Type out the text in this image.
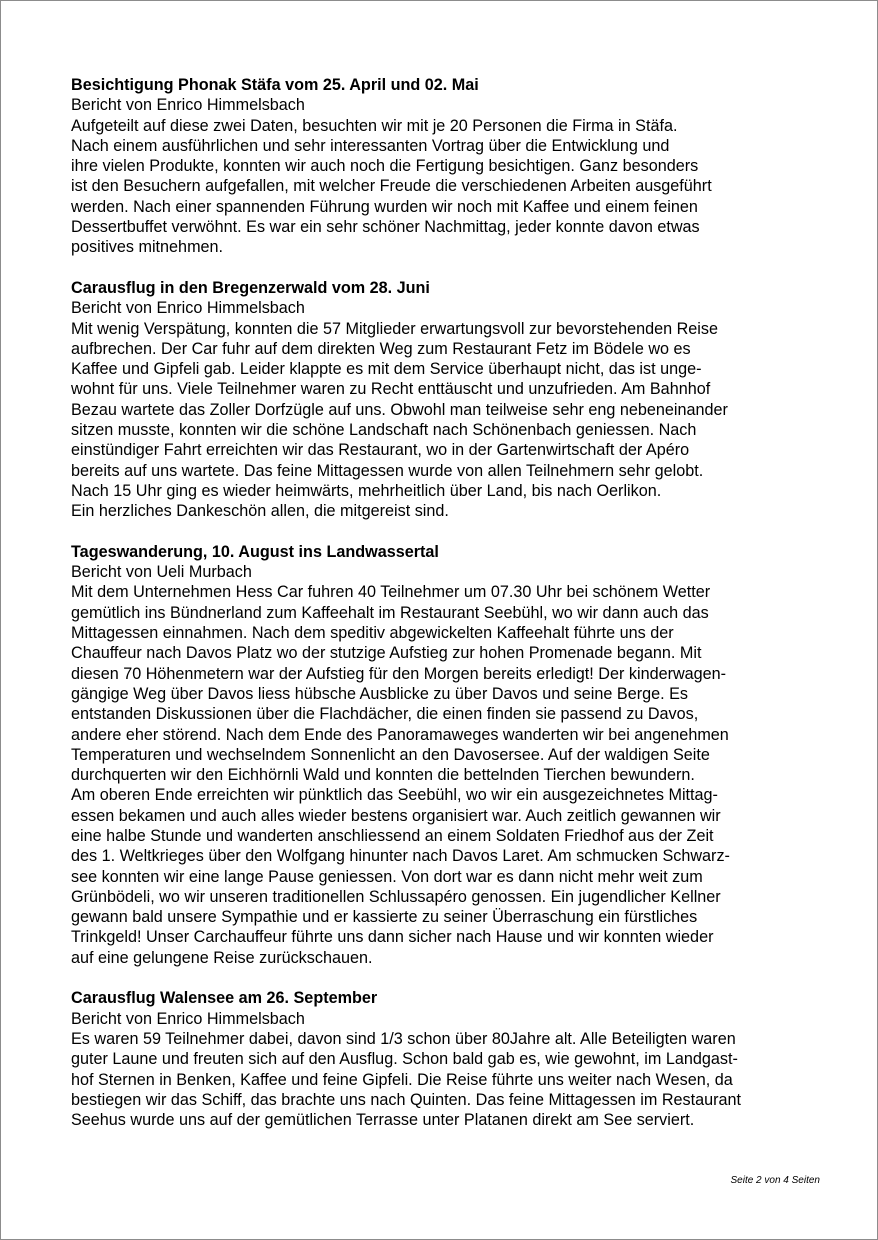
Besichtigung Phonak Stäfa vom 25. April und 02. Mai

Bericht von Enrico Himmelsbach

Aufgeteilt auf diese zwei Daten, besuchten wir mit je 20 Personen die Firma in Stäfa.

Nach einem ausführlichen und sehr interessanten Vortrag über die Entwicklung und

ihre vielen Produkte, konnten wir auch noch die Fertigung besichtigen. Ganz besonders

ist den Besuchern aufgefallen, mit welcher Freude die verschiedenen Arbeiten ausgeführt

werden. Nach einer spannenden Führung wurden wir noch mit Kaffee und einem feinen

Dessertbuffet verwöhnt. Es war ein sehr schöner Nachmittag, jeder konnte davon etwas

positives mitnehmen.

Carausflug in den Bregenzerwald vom 28. Juni

Bericht von Enrico Himmelsbach

Mit wenig Verspätung, konnten die 57 Mitglieder erwartungsvoll zur bevorstehenden Reise

aufbrechen. Der Car fuhr auf dem direkten Weg zum Restaurant Fetz im Bödele wo es

Kaffee und Gipfeli gab. Leider klappte es mit dem Service überhaupt nicht, das ist unge-

wohnt für uns. Viele Teilnehmer waren zu Recht enttäuscht und unzufrieden. Am Bahnhof

Bezau wartete das Zoller Dorfzügle auf uns. Obwohl man teilweise sehr eng nebeneinander

sitzen musste, konnten wir die schöne Landschaft nach Schönenbach geniessen. Nach

einstündiger Fahrt erreichten wir das Restaurant, wo in der Gartenwirtschaft der Apéro

bereits auf uns wartete. Das feine Mittagessen wurde von allen Teilnehmern sehr gelobt.

Nach 15 Uhr ging es wieder heimwärts, mehrheitlich über Land, bis nach Oerlikon.

Ein herzliches Dankeschön allen, die mitgereist sind.

Tageswanderung, 10. August ins Landwassertal

Bericht von Ueli Murbach

Mit dem Unternehmen Hess Car fuhren 40 Teilnehmer um 07.30 Uhr bei schönem Wetter

gemütlich ins Bündnerland zum Kaffeehalt im Restaurant Seebühl, wo wir dann auch das

Mittagessen einnahmen. Nach dem speditiv abgewickelten Kaffeehalt führte uns der

Chauffeur nach Davos Platz wo der stutzige Aufstieg zur hohen Promenade begann. Mit

diesen 70 Höhenmetern war der Aufstieg für den Morgen bereits erledigt! Der kinderwagen-

gängige Weg über Davos liess hübsche Ausblicke zu über Davos und seine Berge. Es

entstanden Diskussionen über die Flachdächer, die einen finden sie passend zu Davos,

andere eher störend. Nach dem Ende des Panoramaweges wanderten wir bei angenehmen

Temperaturen und wechselndem Sonnenlicht an den Davosersee. Auf der waldigen Seite

durchquerten wir den Eichhörnli Wald und konnten die bettelnden Tierchen bewundern.

Am oberen Ende erreichten wir pünktlich das Seebühl, wo wir ein ausgezeichnetes Mittag-

essen bekamen und auch alles wieder bestens organisiert war. Auch zeitlich gewannen wir

eine halbe Stunde und wanderten anschliessend an einem Soldaten Friedhof aus der Zeit

des 1. Weltkrieges über den Wolfgang hinunter nach Davos Laret. Am schmucken Schwarz-

see konnten wir eine lange Pause geniessen. Von dort war es dann nicht mehr weit zum

Grünbödeli, wo wir unseren traditionellen Schlussapéro genossen. Ein jugendlicher Kellner

gewann bald unsere Sympathie und er kassierte zu seiner Überraschung ein fürstliches

Trinkgeld! Unser Carchauffeur führte uns dann sicher nach Hause und wir konnten wieder

auf eine gelungene Reise zurückschauen.

Carausflug Walensee am 26. September

Bericht von Enrico Himmelsbach

Es waren 59 Teilnehmer dabei, davon sind 1/3 schon über 80Jahre alt. Alle Beteiligten waren

guter Laune und freuten sich auf den Ausflug. Schon bald gab es, wie gewohnt, im Landgast-

hof Sternen in Benken, Kaffee und feine Gipfeli. Die Reise führte uns weiter nach Wesen, da

bestiegen wir das Schiff, das brachte uns nach Quinten. Das feine Mittagessen im Restaurant

Seehus wurde uns auf der gemütlichen Terrasse unter Platanen direkt am See serviert.

Seite 2 von 4 Seiten
